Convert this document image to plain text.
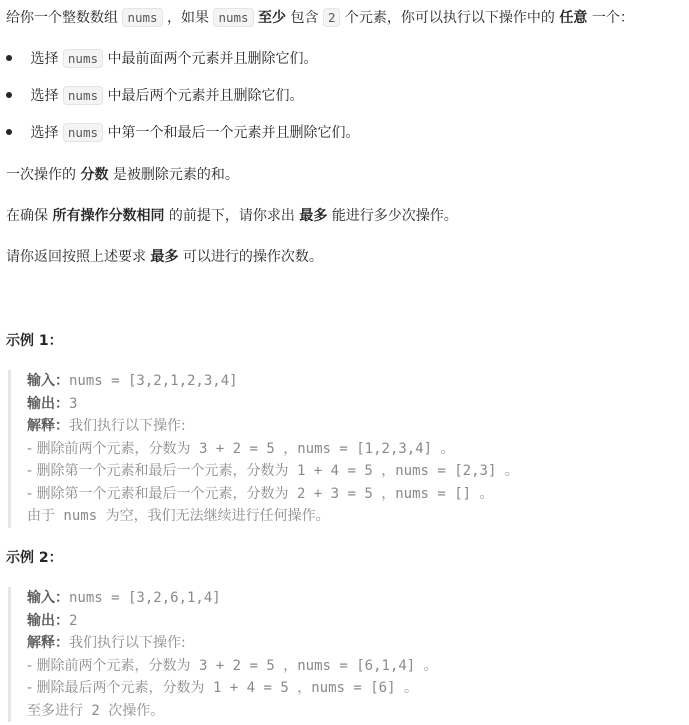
给你一个整数数组 nums ，如果 nums 至少 包含 2 个元素，你可以执行以下操作中的 任意 一个：

选择 nums 中最前面两个元素并且删除它们。
选择 nums 中最后两个元素并且删除它们。
选择 nums 中第一个和最后一个元素并且删除它们。

一次操作的 分数 是被删除元素的和。

在确保 所有操作分数相同 的前提下，请你求出 最多 能进行多少次操作。

请你返回按照上述要求 最多 可以进行的操作次数。

示例 1：
输入：nums = [3,2,1,2,3,4]
输出：3
解释：我们执行以下操作:
- 删除前两个元素，分数为 3 + 2 = 5 ，nums = [1,2,3,4] 。
- 删除第一个元素和最后一个元素，分数为 1 + 4 = 5 ，nums = [2,3] 。
- 删除第一个元素和最后一个元素，分数为 2 + 3 = 5 ，nums = [] 。
由于 nums 为空，我们无法继续进行任何操作。
示例 2：
输入：nums = [3,2,6,1,4]
输出：2
解释：我们执行以下操作:
- 删除前两个元素，分数为 3 + 2 = 5 ，nums = [6,1,4] 。
- 删除最后两个元素，分数为 1 + 4 = 5 ，nums = [6] 。
至多进行 2 次操作。
